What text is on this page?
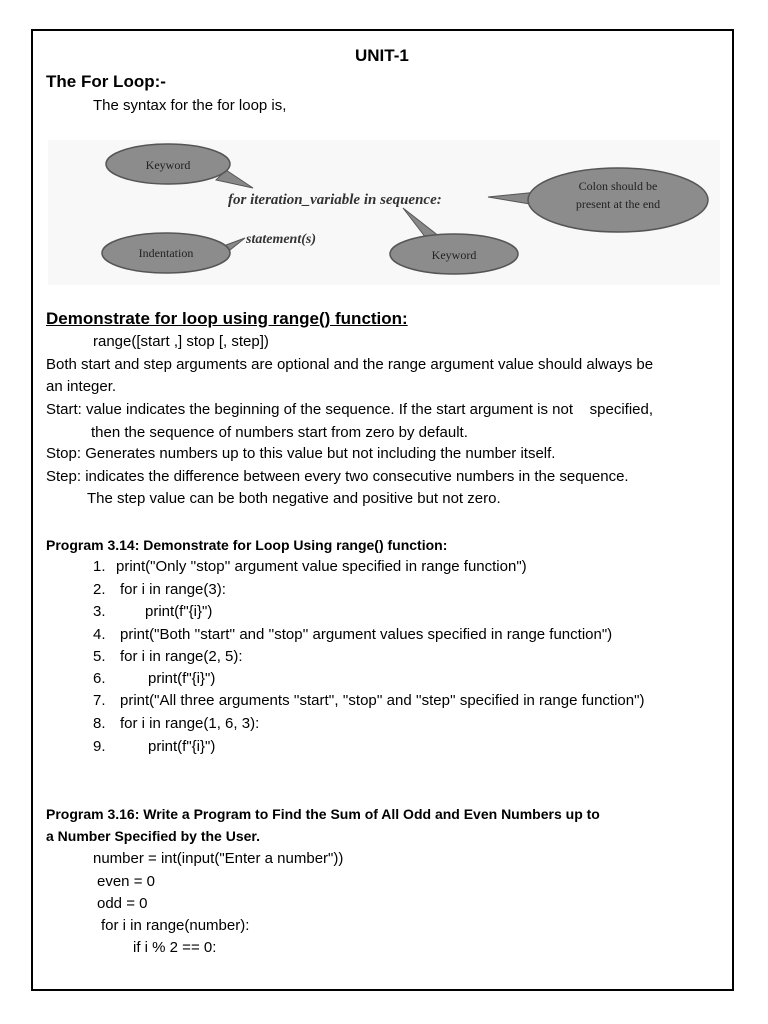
UNIT-1
The For Loop:-
The syntax for the for loop is,
Keyword
for iteration_variable in sequence:
statement(s)
Colon should be
present at the end
Indentation	Keyword
Demonstrate for loop using range() function:
range([start ,] stop [, step])
Both start and step arguments are optional and the range argument value should always be
an integer.
Start: value indicates the beginning of the sequence. If the start argument is not    specified,
then the sequence of numbers start from zero by default.
Stop: Generates numbers up to this value but not including the number itself.
Step: indicates the difference between every two consecutive numbers in the sequence.
The step value can be both negative and positive but not zero.
Program 3.14: Demonstrate for Loop Using range() function:
1. print("Only ''stop'' argument value specified in range function")
2. for i in range(3):
3.	print(f"{i}")
4. print("Both ''start'' and ''stop'' argument values specified in range function")
5. for i in range(2, 5):
6.	print(f"{i}")
7. print("All three arguments ''start'', ''stop'' and ''step'' specified in range function")
8. for i in range(1, 6, 3):
9.	print(f"{i}")
Program 3.16: Write a Program to Find the Sum of All Odd and Even Numbers up to
a Number Specified by the User.
number = int(input("Enter a number"))
even = 0
odd = 0
for i in range(number):
if i % 2 == 0:
